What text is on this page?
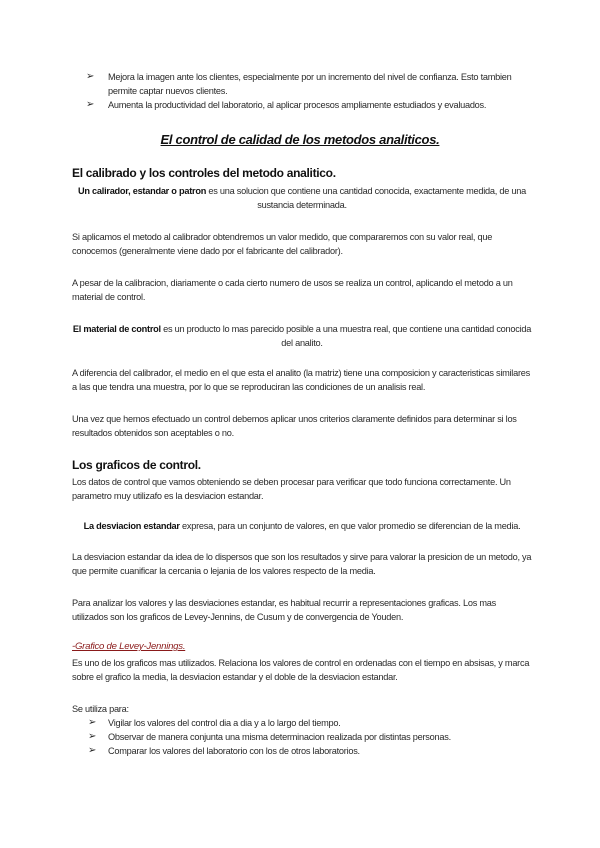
➢ Mejora la imagen ante los clientes, especialmente por un incremento del nivel de confianza. Esto tambien permite captar nuevos clientes.
➢ Aumenta la productividad del laboratorio, al aplicar procesos ampliamente estudiados y evaluados.
El control de calidad de los metodos analiticos.
El calibrado y los controles del metodo analitico.

Un calirador, estandar o patron es una solucion que contiene una cantidad conocida, exactamente medida, de una sustancia determinada.

Si aplicamos el metodo al calibrador obtendremos un valor medido, que compararemos con su valor real, que conocemos (generalmente viene dado por el fabricante del calibrador).

A pesar de la calibracion, diariamente o cada cierto numero de usos se realiza un control, aplicando el metodo a un material de control.

El material de control es un producto lo mas parecido posible a una muestra real, que contiene una cantidad conocida del analito.

A diferencia del calibrador, el medio en el que esta el analito (la matriz) tiene una composicion y caracteristicas similares a las que tendra una muestra, por lo que se reproduciran las condiciones de un analisis real.

Una vez que hemos efectuado un control debemos aplicar unos criterios claramente definidos para determinar si los resultados obtenidos son aceptables o no.

Los graficos de control.

Los datos de control que vamos obteniendo se deben procesar para verificar que todo funciona correctamente. Un parametro muy utilizafo es la desviacion estandar.

La desviacion estandar expresa, para un conjunto de valores, en que valor promedio se diferencian de la media.

La desviacion estandar da idea de lo dispersos que son los resultados y sirve para valorar la presicion de un metodo, ya que permite cuanificar la cercania o lejania de los valores respecto de la media.

Para analizar los valores y las desviaciones estandar, es habitual recurrir a representaciones graficas. Los mas utilizados son los graficos de Levey-Jennins, de Cusum y de convergencia de Youden.

-Grafico de Levey-Jennings.

Es uno de los graficos mas utilizados. Relaciona los valores de control en ordenadas con el tiempo en absisas, y marca sobre el grafico la media, la desviacion estandar y el doble de la desviacion estandar.

Se utiliza para:

➢ Vigilar los valores del control dia a dia y a lo largo del tiempo.
➢ Observar de manera conjunta una misma determinacion realizada por distintas personas.
➢ Comparar los valores del laboratorio con los de otros laboratorios.
